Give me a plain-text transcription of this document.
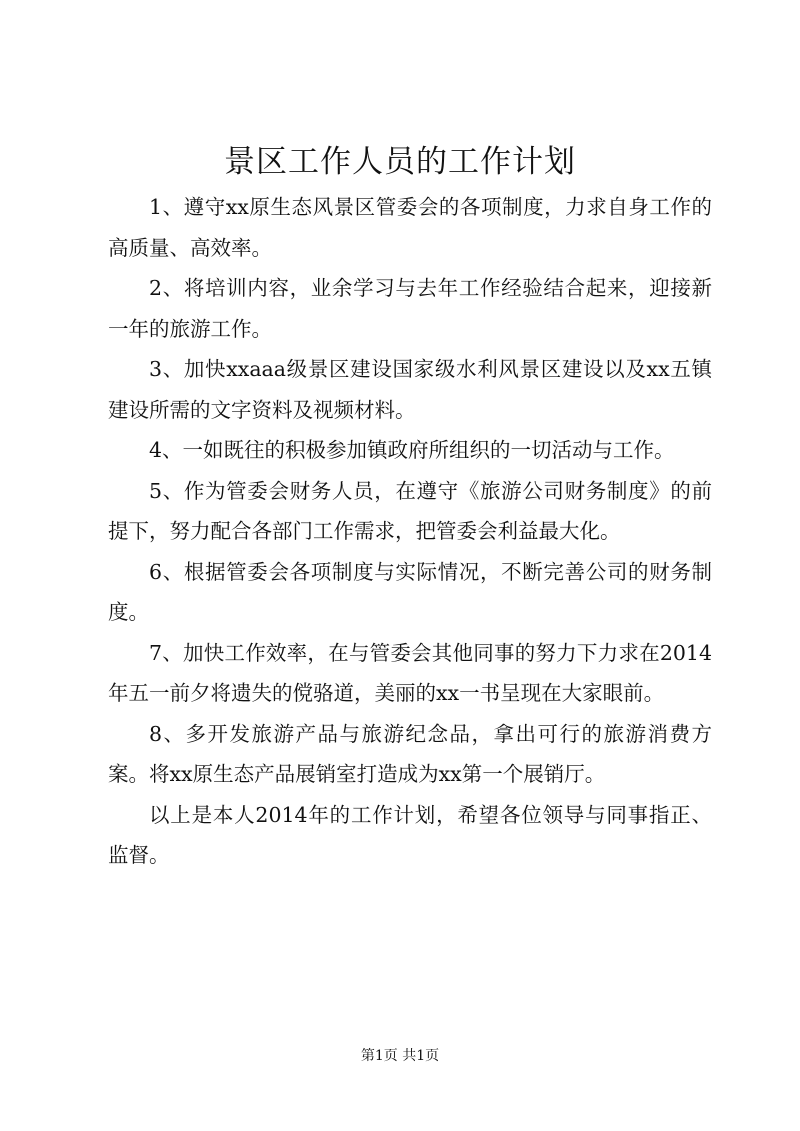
景区工作人员的工作计划

1、遵守xx原生态风景区管委会的各项制度，力求自身工作的高质量、高效率。

2、将培训内容，业余学习与去年工作经验结合起来，迎接新一年的旅游工作。

3、加快xxaaa级景区建设国家级水利风景区建设以及xx五镇建设所需的文字资料及视频材料。

4、一如既往的积极参加镇政府所组织的一切活动与工作。

5、作为管委会财务人员，在遵守《旅游公司财务制度》的前提下，努力配合各部门工作需求，把管委会利益最大化。

6、根据管委会各项制度与实际情况，不断完善公司的财务制度。

7、加快工作效率，在与管委会其他同事的努力下力求在2014年五一前夕将遗失的傥骆道，美丽的xx一书呈现在大家眼前。

8、多开发旅游产品与旅游纪念品，拿出可行的旅游消费方案。将xx原生态产品展销室打造成为xx第一个展销厅。

以上是本人2014年的工作计划，希望各位领导与同事指正、监督。

第1页 共1页
